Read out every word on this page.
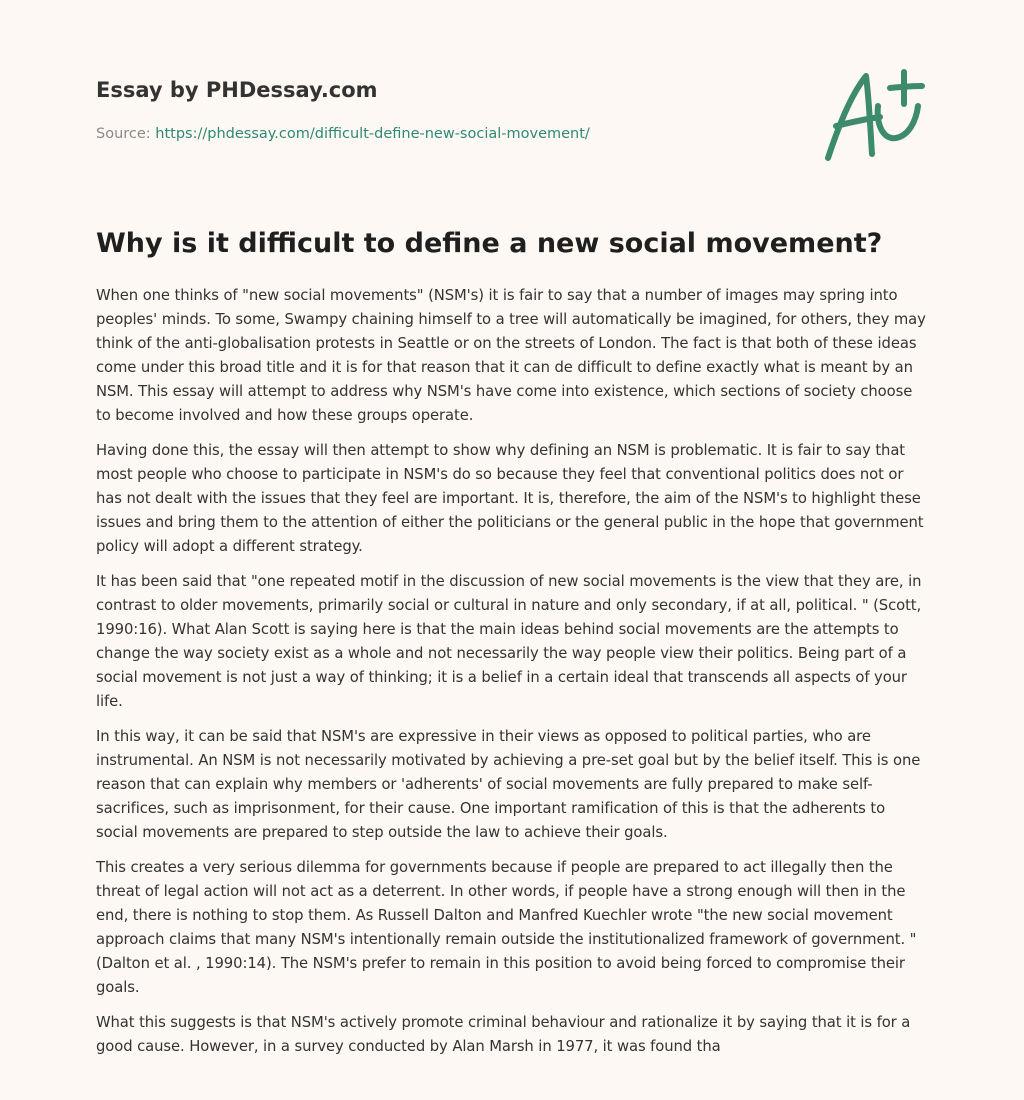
Essay by PHDessay.com
Source: https://phdessay.com/difficult-define-new-social-movement/
Why is it difficult to define a new social movement?

When one thinks of "new social movements" (NSM's) it is fair to say that a number of images may spring into peoples' minds. To some, Swampy chaining himself to a tree will automatically be imagined, for others, they may think of the anti-globalisation protests in Seattle or on the streets of London. The fact is that both of these ideas come under this broad title and it is for that reason that it can de difficult to define exactly what is meant by an NSM. This essay will attempt to address why NSM's have come into existence, which sections of society choose to become involved and how these groups operate.

Having done this, the essay will then attempt to show why defining an NSM is problematic. It is fair to say that most people who choose to participate in NSM's do so because they feel that conventional politics does not or has not dealt with the issues that they feel are important. It is, therefore, the aim of the NSM's to highlight these issues and bring them to the attention of either the politicians or the general public in the hope that government policy will adopt a different strategy.

It has been said that "one repeated motif in the discussion of new social movements is the view that they are, in contrast to older movements, primarily social or cultural in nature and only secondary, if at all, political. " (Scott, 1990:16). What Alan Scott is saying here is that the main ideas behind social movements are the attempts to change the way society exist as a whole and not necessarily the way people view their politics. Being part of a social movement is not just a way of thinking; it is a belief in a certain ideal that transcends all aspects of your life.

In this way, it can be said that NSM's are expressive in their views as opposed to political parties, who are instrumental. An NSM is not necessarily motivated by achieving a pre-set goal but by the belief itself. This is one reason that can explain why members or 'adherents' of social movements are fully prepared to make self-sacrifices, such as imprisonment, for their cause. One important ramification of this is that the adherents to social movements are prepared to step outside the law to achieve their goals.

This creates a very serious dilemma for governments because if people are prepared to act illegally then the threat of legal action will not act as a deterrent. In other words, if people have a strong enough will then in the end, there is nothing to stop them. As Russell Dalton and Manfred Kuechler wrote "the new social movement approach claims that many NSM's intentionally remain outside the institutionalized framework of government. " (Dalton et al. , 1990:14). The NSM's prefer to remain in this position to avoid being forced to compromise their goals.

What this suggests is that NSM's actively promote criminal behaviour and rationalize it by saying that it is for a good cause. However, in a survey conducted by Alan Marsh in 1977, it was found tha
